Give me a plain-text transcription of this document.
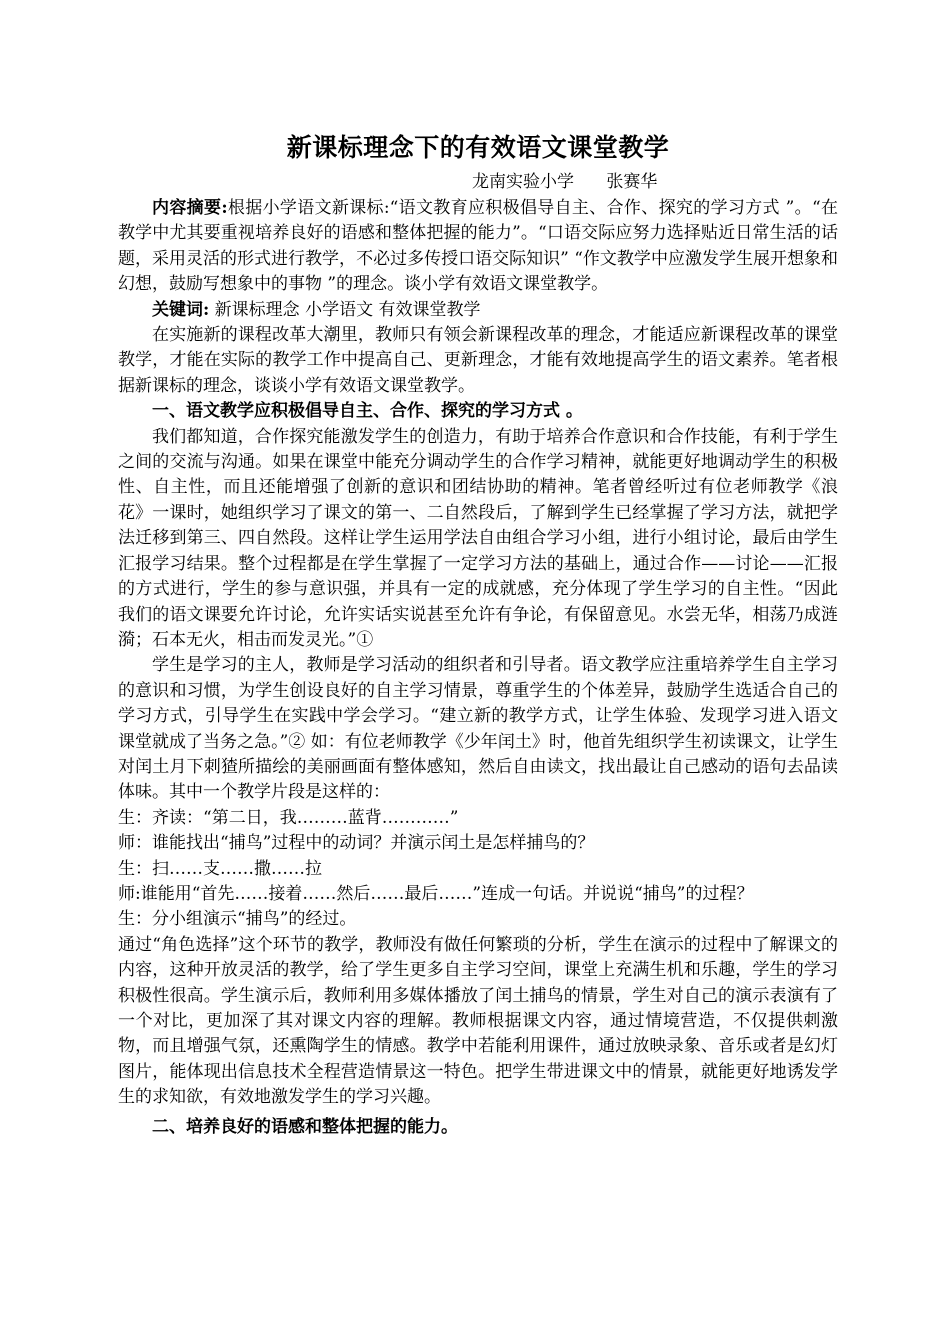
新课标理念下的有效语文课堂教学
龙南实验小学      张赛华

内容摘要:根据小学语文新课标:“语文教育应积极倡导自主、合作、探究的学习方式 ”。“在教学中尤其要重视培养良好的语感和整体把握的能力”。“口语交际应努力选择贴近日常生活的话题，采用灵活的形式进行教学，不必过多传授口语交际知识” “作文教学中应激发学生展开想象和幻想，鼓励写想象中的事物 ”的理念。谈小学有效语文课堂教学。

关键词: 新课标理念 小学语文 有效课堂教学

在实施新的课程改革大潮里，教师只有领会新课程改革的理念，才能适应新课程改革的课堂教学，才能在实际的教学工作中提高自己、更新理念，才能有效地提高学生的语文素养。笔者根据新课标的理念，谈谈小学有效语文课堂教学。

一、语文教学应积极倡导自主、合作、探究的学习方式 。

我们都知道，合作探究能激发学生的创造力，有助于培养合作意识和合作技能，有利于学生之间的交流与沟通。如果在课堂中能充分调动学生的合作学习精神，就能更好地调动学生的积极性、自主性，而且还能增强了创新的意识和团结协助的精神。笔者曾经听过有位老师教学《浪花》一课时，她组织学习了课文的第一、二自然段后，了解到学生已经掌握了学习方法，就把学法迁移到第三、四自然段。这样让学生运用学法自由组合学习小组，进行小组讨论，最后由学生汇报学习结果。整个过程都是在学生掌握了一定学习方法的基础上，通过合作——讨论——汇报的方式进行，学生的参与意识强，并具有一定的成就感，充分体现了学生学习的自主性。“因此我们的语文课要允许讨论，允许实话实说甚至允许有争论，有保留意见。水尝无华，相荡乃成涟漪；石本无火，相击而发灵光。”①

学生是学习的主人，教师是学习活动的组织者和引导者。语文教学应注重培养学生自主学习的意识和习惯，为学生创设良好的自主学习情景，尊重学生的个体差异，鼓励学生选适合自己的学习方式，引导学生在实践中学会学习。“建立新的教学方式，让学生体验、发现学习进入语文课堂就成了当务之急。”② 如：有位老师教学《少年闰土》时，他首先组织学生初读课文，让学生对闰土月下刺猹所描绘的美丽画面有整体感知，然后自由读文，找出最让自己感动的语句去品读体味。其中一个教学片段是这样的：

生：齐读：“第二日，我………蓝背…………”

师：谁能找出“捕鸟”过程中的动词？并演示闰土是怎样捕鸟的？

生：扫……支……撒……拉

师:谁能用“首先……接着……然后……最后……”连成一句话。并说说“捕鸟”的过程？

生：分小组演示“捕鸟”的经过。

通过“角色选择”这个环节的教学，教师没有做任何繁琐的分析，学生在演示的过程中了解课文的内容，这种开放灵活的教学，给了学生更多自主学习空间，课堂上充满生机和乐趣，学生的学习积极性很高。学生演示后，教师利用多媒体播放了闰土捕鸟的情景，学生对自己的演示表演有了一个对比，更加深了其对课文内容的理解。教师根据课文内容，通过情境营造，不仅提供刺激物，而且增强气氛，还熏陶学生的情感。教学中若能利用课件，通过放映录象、音乐或者是幻灯图片，能体现出信息技术全程营造情景这一特色。把学生带进课文中的情景，就能更好地诱发学生的求知欲，有效地激发学生的学习兴趣。

二、培养良好的语感和整体把握的能力。
